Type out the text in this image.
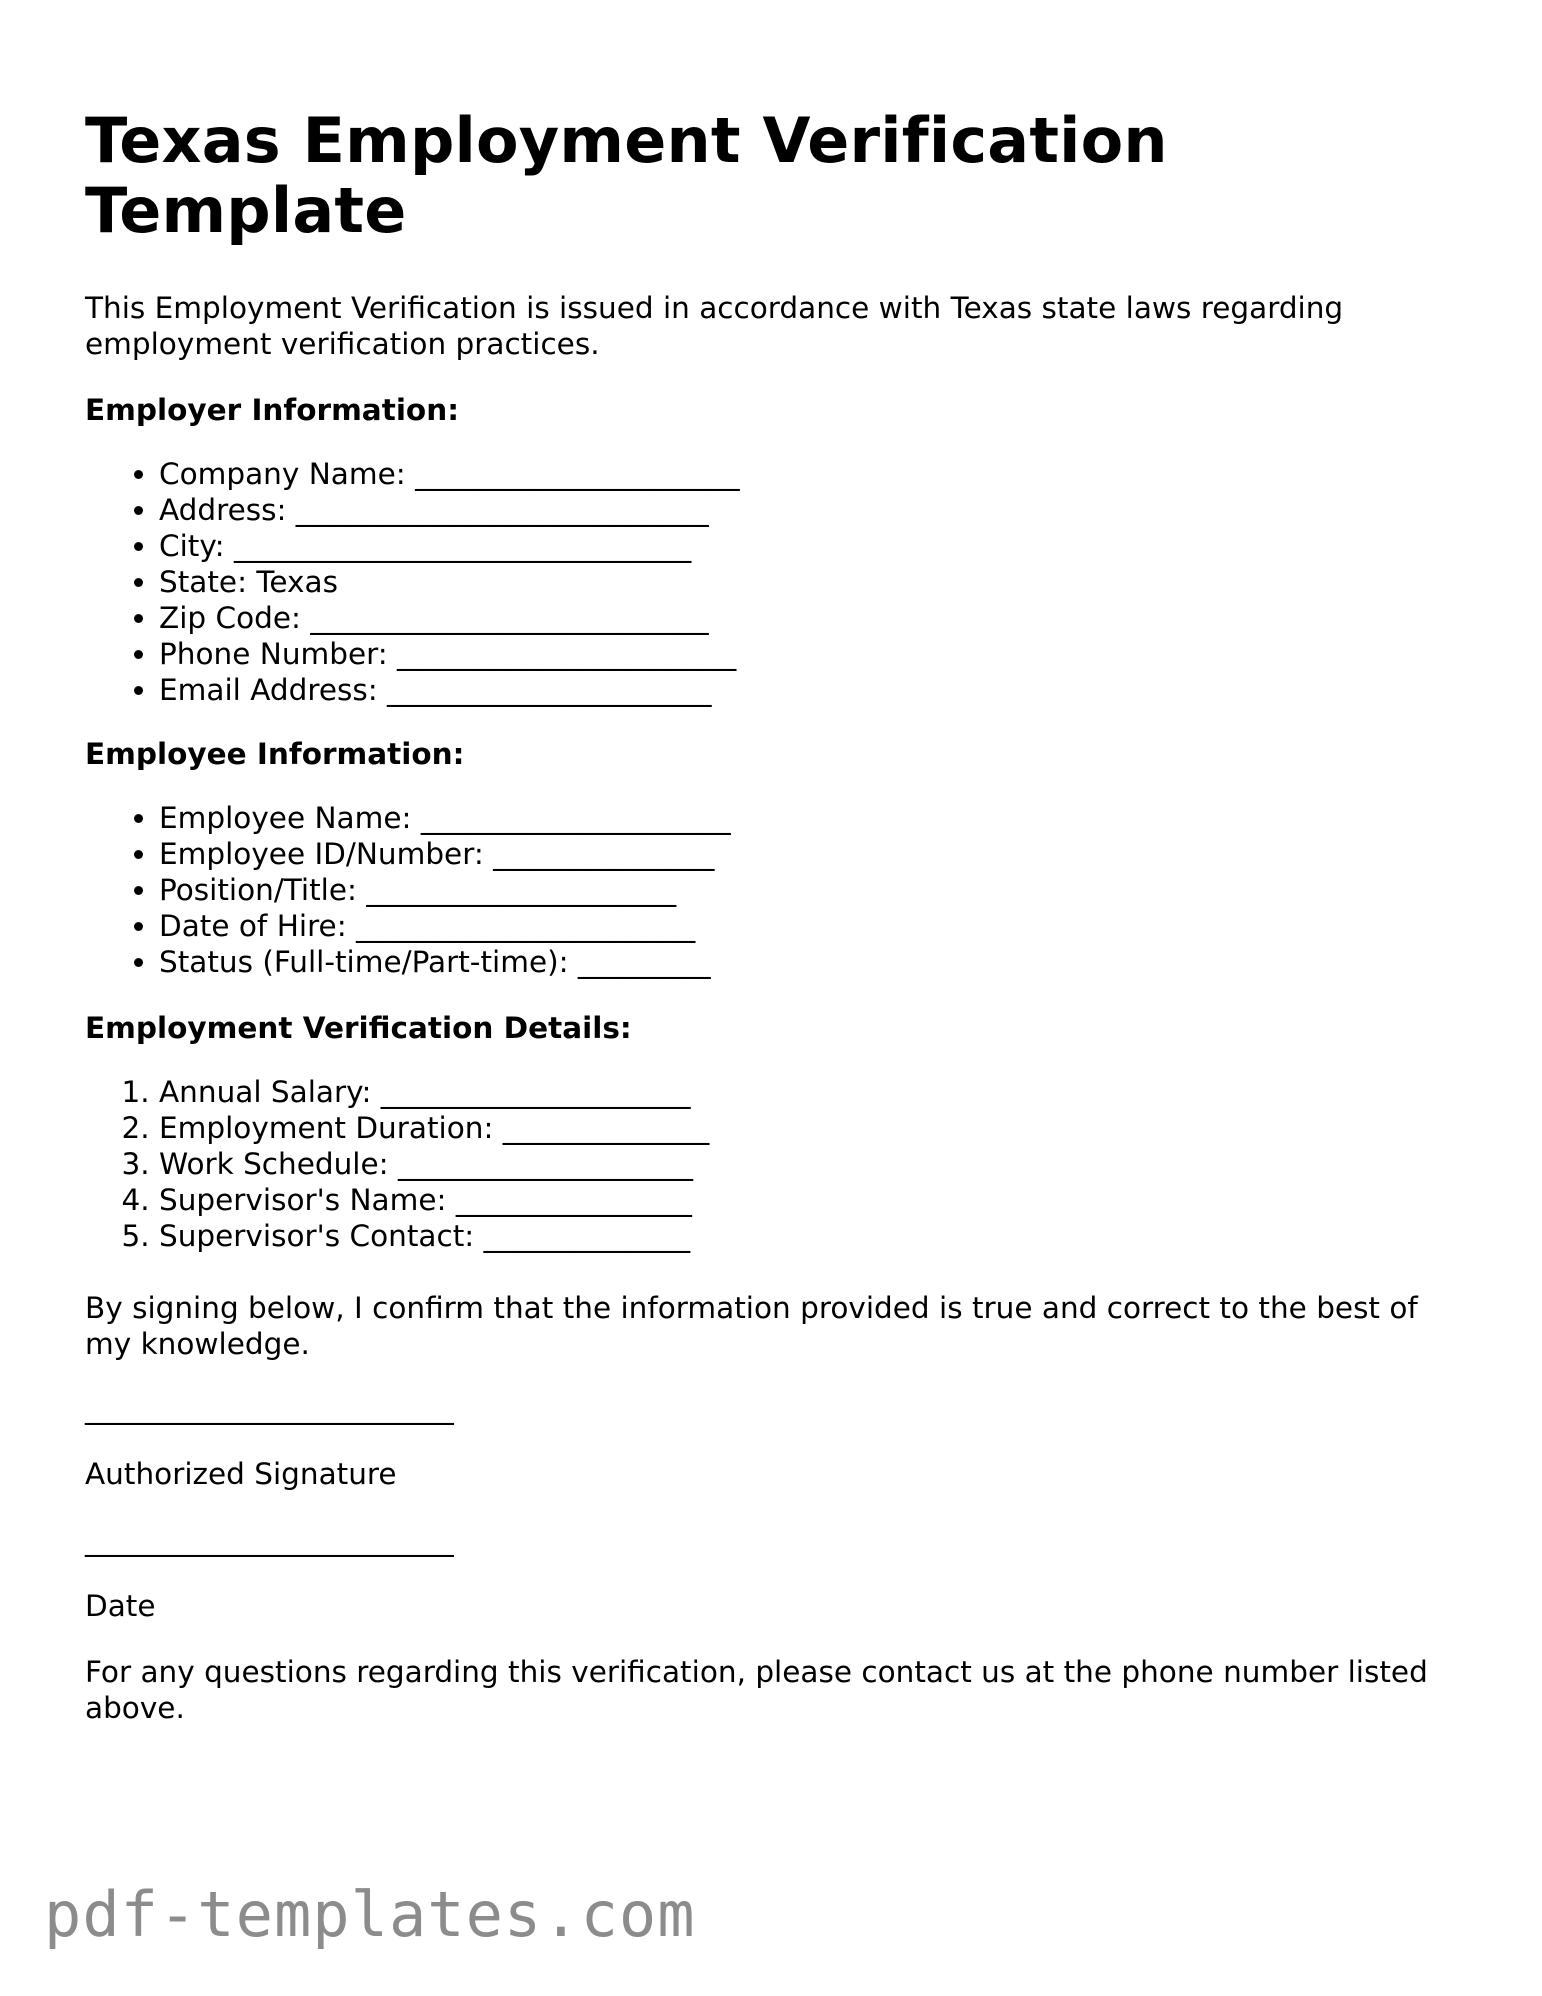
Texas Employment Verification Template

This Employment Verification is issued in accordance with Texas state laws regarding employment verification practices.

Employer Information:

• Company Name: ______________________
• Address: ____________________________
• City: _______________________________
• State: Texas
• Zip Code: ___________________________
• Phone Number: _______________________
• Email Address: ______________________

Employee Information:

• Employee Name: _____________________
• Employee ID/Number: _______________
• Position/Title: _____________________
• Date of Hire: _______________________
• Status (Full-time/Part-time): _________

Employment Verification Details:

1. Annual Salary: _____________________
2. Employment Duration: ______________
3. Work Schedule: ____________________
4. Supervisor's Name: ________________
5. Supervisor's Contact: ______________

By signing below, I confirm that the information provided is true and correct to the best of my knowledge.

_________________________

Authorized Signature

_________________________

Date

For any questions regarding this verification, please contact us at the phone number listed above.

pdf-templates.com
